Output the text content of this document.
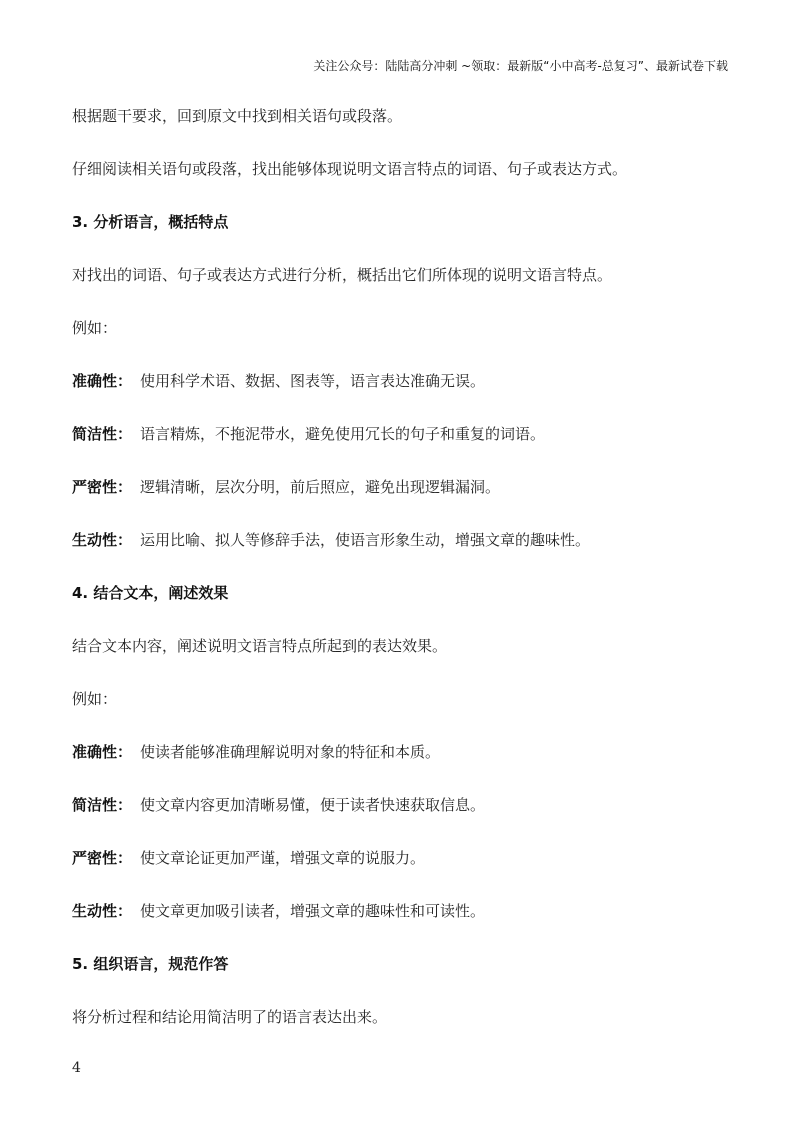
关注公众号：陆陆高分冲刺 ~领取：最新版“小中高考-总复习”、最新试卷下载
根据题干要求，回到原文中找到相关语句或段落。
仔细阅读相关语句或段落，找出能够体现说明文语言特点的词语、句子或表达方式。
3. 分析语言，概括特点
对找出的词语、句子或表达方式进行分析，概括出它们所体现的说明文语言特点。
例如：
准确性： 使用科学术语、数据、图表等，语言表达准确无误。
简洁性： 语言精炼，不拖泥带水，避免使用冗长的句子和重复的词语。
严密性： 逻辑清晰，层次分明，前后照应，避免出现逻辑漏洞。
生动性： 运用比喻、拟人等修辞手法，使语言形象生动，增强文章的趣味性。
4. 结合文本，阐述效果
结合文本内容，阐述说明文语言特点所起到的表达效果。
例如：
准确性： 使读者能够准确理解说明对象的特征和本质。
简洁性： 使文章内容更加清晰易懂，便于读者快速获取信息。
严密性： 使文章论证更加严谨，增强文章的说服力。
生动性： 使文章更加吸引读者，增强文章的趣味性和可读性。
5. 组织语言，规范作答
将分析过程和结论用简洁明了的语言表达出来。
4
